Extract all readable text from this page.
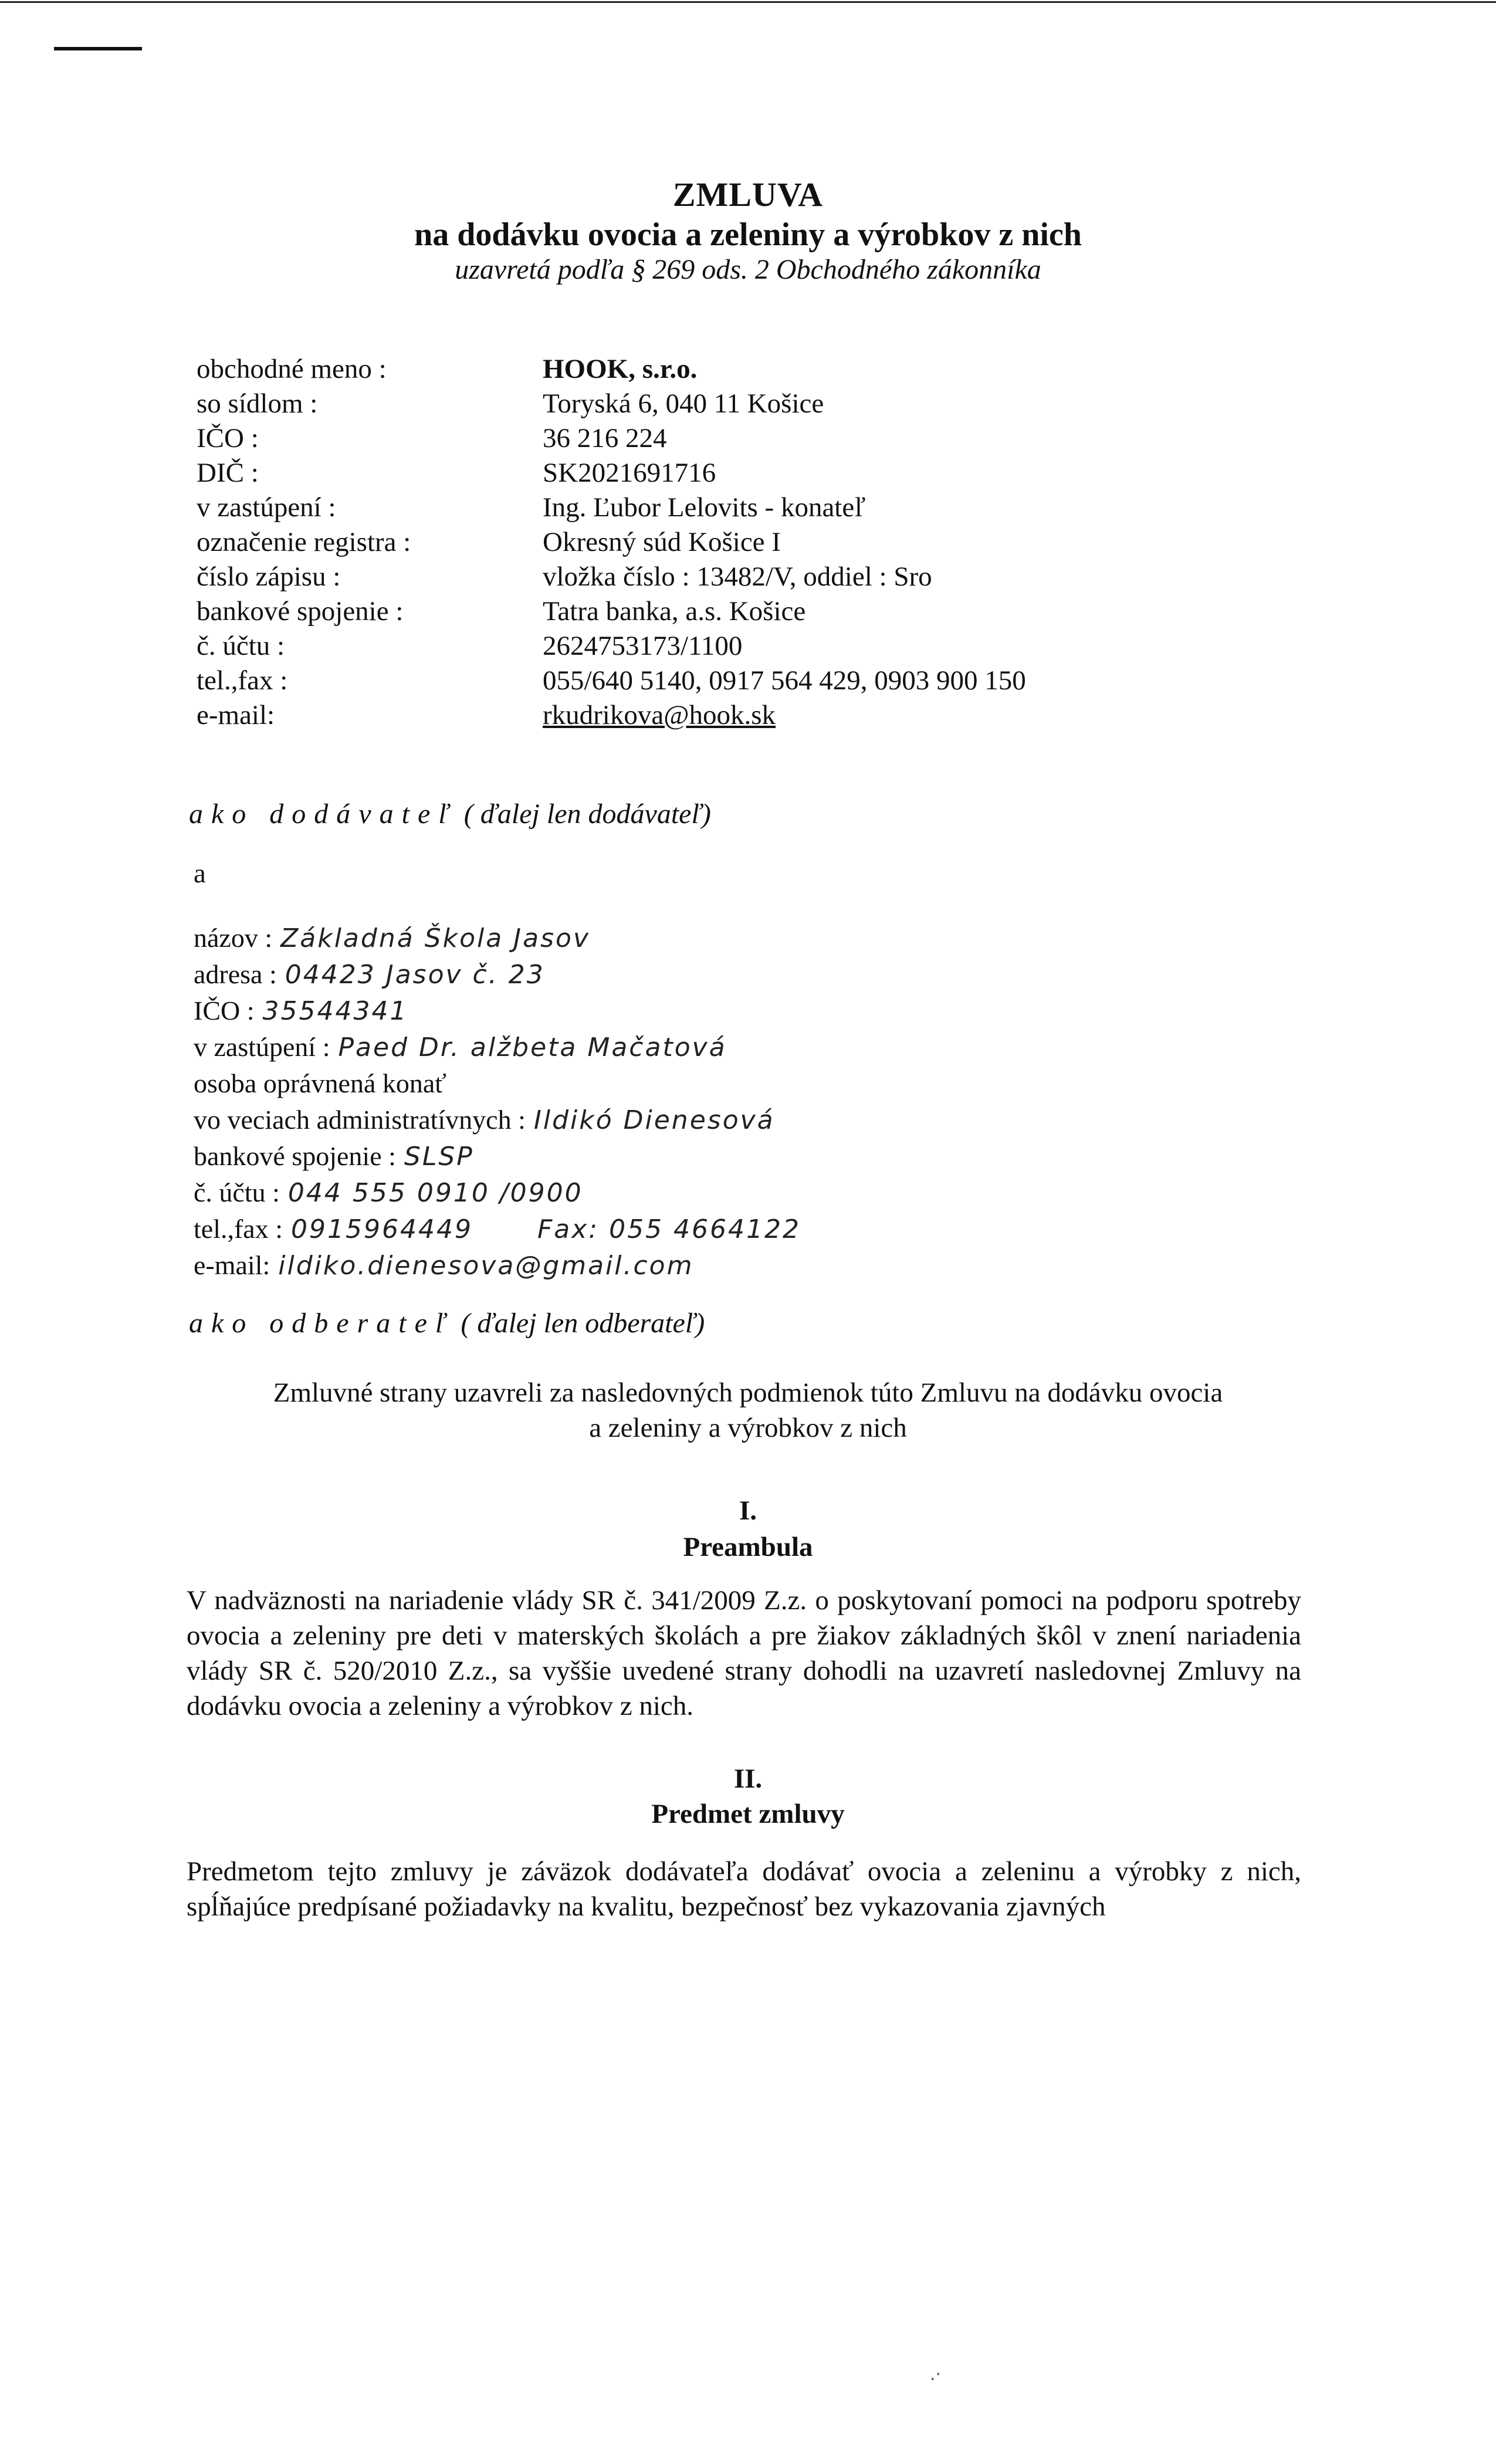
ZMLUVA
na dodávku ovocia a zeleniny a výrobkov z nich
uzavretá podľa § 269 ods. 2 Obchodného zákonníka
obchodné meno :	HOOK, s.r.o.
so sídlom :	Toryská 6, 040 11 Košice
IČO :	36 216 224
DIČ :	SK2021691716
v zastúpení :	Ing. Ľubor Lelovits - konateľ
označenie registra :	Okresný súd Košice I
číslo zápisu :	vložka číslo : 13482/V, oddiel : Sro
bankové spojenie :	Tatra banka, a.s. Košice
č. účtu :	2624753173/1100
tel.,fax :	055/640 5140, 0917 564 429, 0903 900 150
e-mail:	rkudrikova@hook.sk
ako dodávateľ ( ďalej len dodávateľ)
a
názov : Základná Škola Jasov
adresa : 04423 Jasov č. 23
IČO : 35544341
v zastúpení : Paed Dr. alžbeta Mačatová
osoba oprávnená konať
vo veciach administratívnych : Ildikó Dienesová
bankové spojenie : SLSP
č. účtu : 044 555 0910 /0900
tel.,fax : 0915964449	Fax: 055 4664122
e-mail: ildiko.dienesova@gmail.com
ako odberateľ ( ďalej len odberateľ)
Zmluvné strany uzavreli za nasledovných podmienok túto Zmluvu na dodávku ovocia
a zeleniny a výrobkov z nich
I.
Preambula
V nadväznosti na nariadenie vlády SR č. 341/2009 Z.z. o poskytovaní pomoci na podporu spotreby ovocia a zeleniny pre deti v materských školách a pre žiakov základných škôl v znení nariadenia vlády SR č. 520/2010 Z.z., sa vyššie uvedené strany dohodli na uzavretí nasledovnej Zmluvy na dodávku ovocia a zeleniny a výrobkov z nich.
II.
Predmet zmluvy
Predmetom tejto zmluvy je záväzok dodávateľa dodávať ovocia a zeleninu a výrobky z nich, spĺňajúce predpísané požiadavky na kvalitu, bezpečnosť bez vykazovania zjavných
.·
